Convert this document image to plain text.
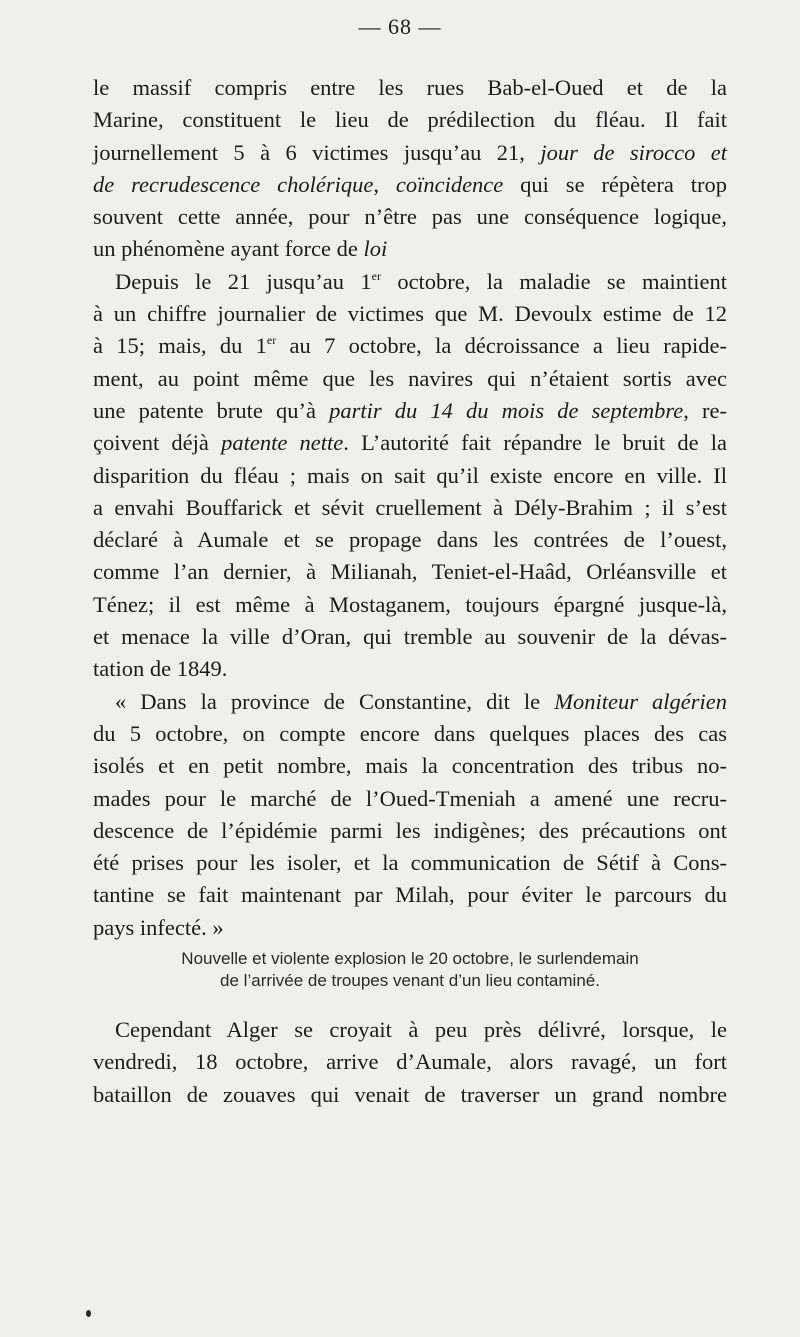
— 68 —
le massif compris entre les rues Bab-el-Oued et de la
Marine, constituent le lieu de prédilection du fléau. Il fait
journellement 5 à 6 victimes jusqu’au 21, jour de sirocco et
de recrudescence cholérique, coïncidence qui se répètera trop
souvent cette année, pour n’être pas une conséquence logique,
un phénomène ayant force de loi
Depuis le 21 jusqu’au 1er octobre, la maladie se maintient
à un chiffre journalier de victimes que M. Devoulx estime de 12
à 15; mais, du 1er au 7 octobre, la décroissance a lieu rapide-
ment, au point même que les navires qui n’étaient sortis avec
une patente brute qu’à partir du 14 du mois de septembre, re-
çoivent déjà patente nette. L’autorité fait répandre le bruit de la
disparition du fléau ; mais on sait qu’il existe encore en ville. Il
a envahi Bouffarick et sévit cruellement à Dély-Brahim ; il s’est
déclaré à Aumale et se propage dans les contrées de l’ouest,
comme l’an dernier, à Milianah, Teniet-el-Haâd, Orléansville et
Ténez; il est même à Mostaganem, toujours épargné jusque-là,
et menace la ville d’Oran, qui tremble au souvenir de la dévas-
tation de 1849.
« Dans la province de Constantine, dit le Moniteur algérien
du 5 octobre, on compte encore dans quelques places des cas
isolés et en petit nombre, mais la concentration des tribus no-
mades pour le marché de l’Oued-Tmeniah a amené une recru-
descence de l’épidémie parmi les indigènes; des précautions ont
été prises pour les isoler, et la communication de Sétif à Cons-
tantine se fait maintenant par Milah, pour éviter le parcours du
pays infecté. »
Nouvelle et violente explosion le 20 octobre, le surlendemain
de l’arrivée de troupes venant d’un lieu contaminé.
Cependant Alger se croyait à peu près délivré, lorsque, le
vendredi, 18 octobre, arrive d’Aumale, alors ravagé, un fort
bataillon de zouaves qui venait de traverser un grand nombre
